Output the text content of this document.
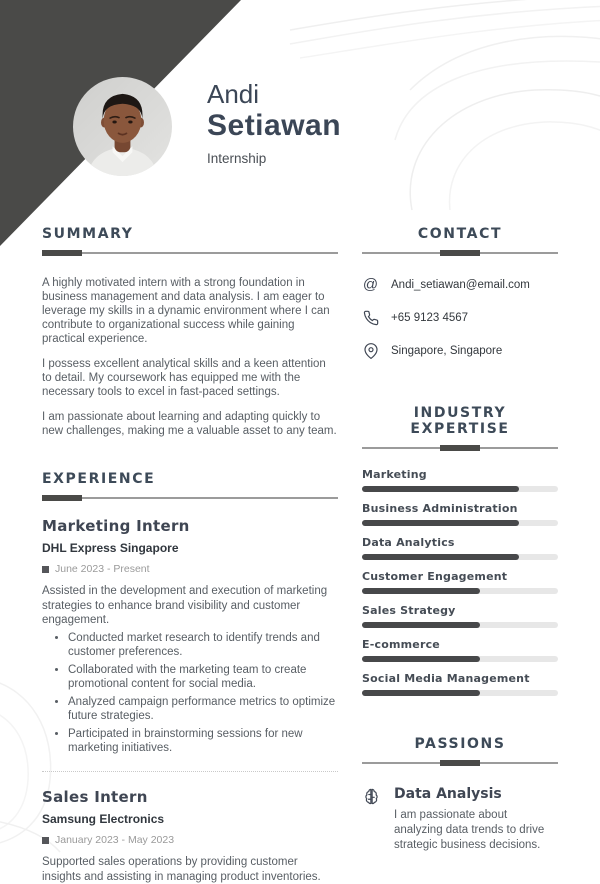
Andi
Setiawan
Internship
SUMMARY

A highly motivated intern with a strong foundation in business management and data analysis. I am eager to leverage my skills in a dynamic environment where I can contribute to organizational success while gaining practical experience.

I possess excellent analytical skills and a keen attention to detail. My coursework has equipped me with the necessary tools to excel in fast-paced settings.

I am passionate about learning and adapting quickly to new challenges, making me a valuable asset to any team.

EXPERIENCE
Marketing Intern
DHL Express Singapore
June 2023 - Present
Assisted in the development and execution of marketing strategies to enhance brand visibility and customer engagement.
• Conducted market research to identify trends and customer preferences.
• Collaborated with the marketing team to create promotional content for social media.
• Analyzed campaign performance metrics to optimize future strategies.
• Participated in brainstorming sessions for new marketing initiatives.
Sales Intern
Samsung Electronics
January 2023 - May 2023
Supported sales operations by providing customer insights and assisting in managing product inventories.
CONTACT
@ Andi_setiawan@email.com
+65 9123 4567
Singapore, Singapore
INDUSTRY EXPERTISE
Marketing
Business Administration
Data Analytics
Customer Engagement
Sales Strategy
E-commerce
Social Media Management
PASSIONS
Data Analysis
I am passionate about analyzing data trends to drive strategic business decisions.
